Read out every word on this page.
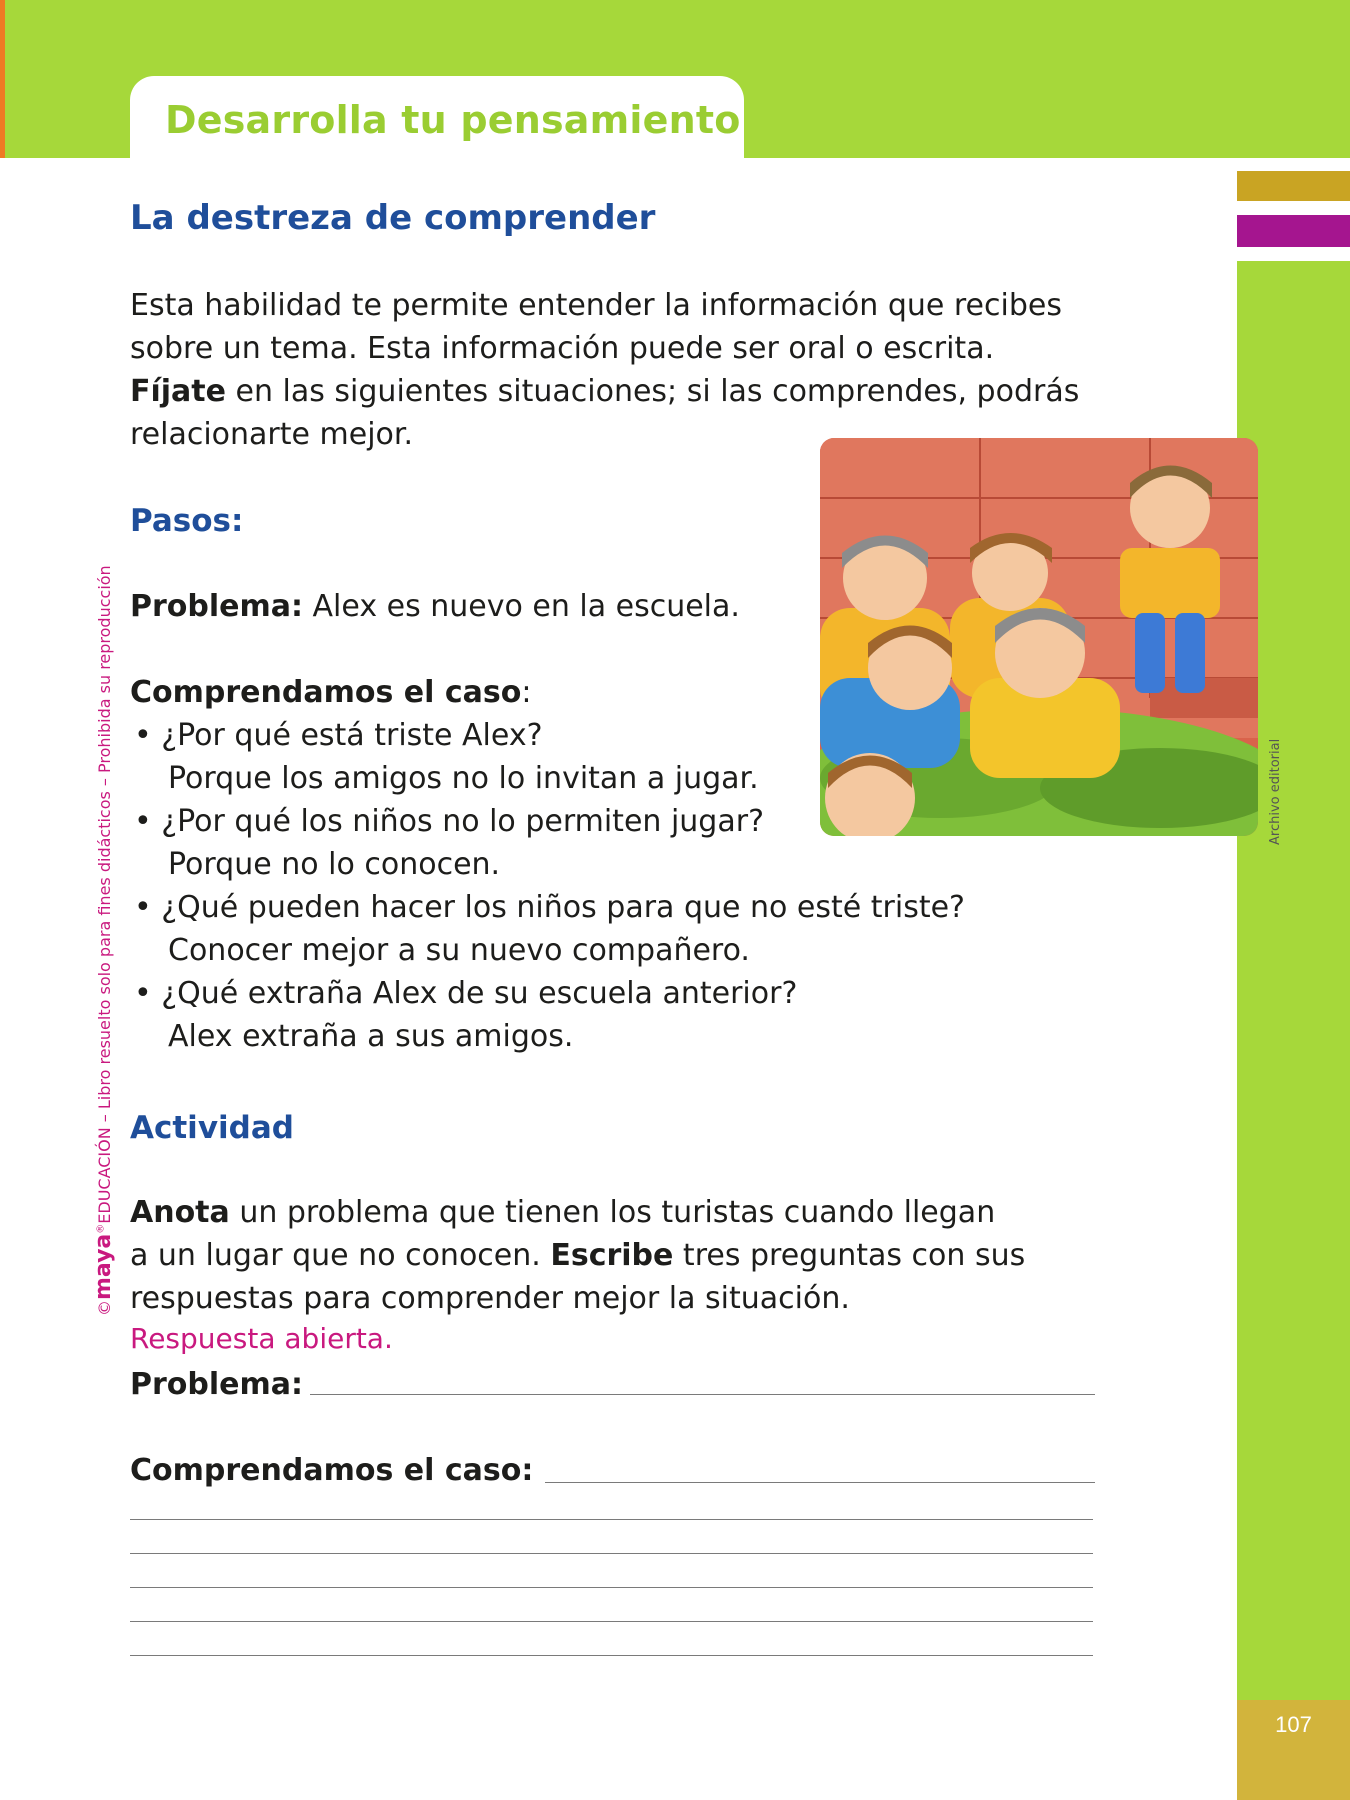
Desarrolla tu pensamiento
107
Archivo editorial
©maya®EDUCACIÓN – Libro resuelto solo para fines didácticos – Prohibida su reproducción
La destreza de comprender
Esta habilidad te permite entender la información que recibes
sobre un tema. Esta información puede ser oral o escrita.
Fíjate en las siguientes situaciones; si las comprendes, podrás
relacionarte mejor.
Pasos:
Problema: Alex es nuevo en la escuela.
Comprendamos el caso:
• ¿Por qué está triste Alex?
Porque los amigos no lo invitan a jugar.
• ¿Por qué los niños no lo permiten jugar?
Porque no lo conocen.
• ¿Qué pueden hacer los niños para que no esté triste?
Conocer mejor a su nuevo compañero.
• ¿Qué extraña Alex de su escuela anterior?
Alex extraña a sus amigos.
Actividad
Anota un problema que tienen los turistas cuando llegan
a un lugar que no conocen. Escribe tres preguntas con sus
respuestas para comprender mejor la situación.
Respuesta abierta.
Problema:
Comprendamos el caso:
